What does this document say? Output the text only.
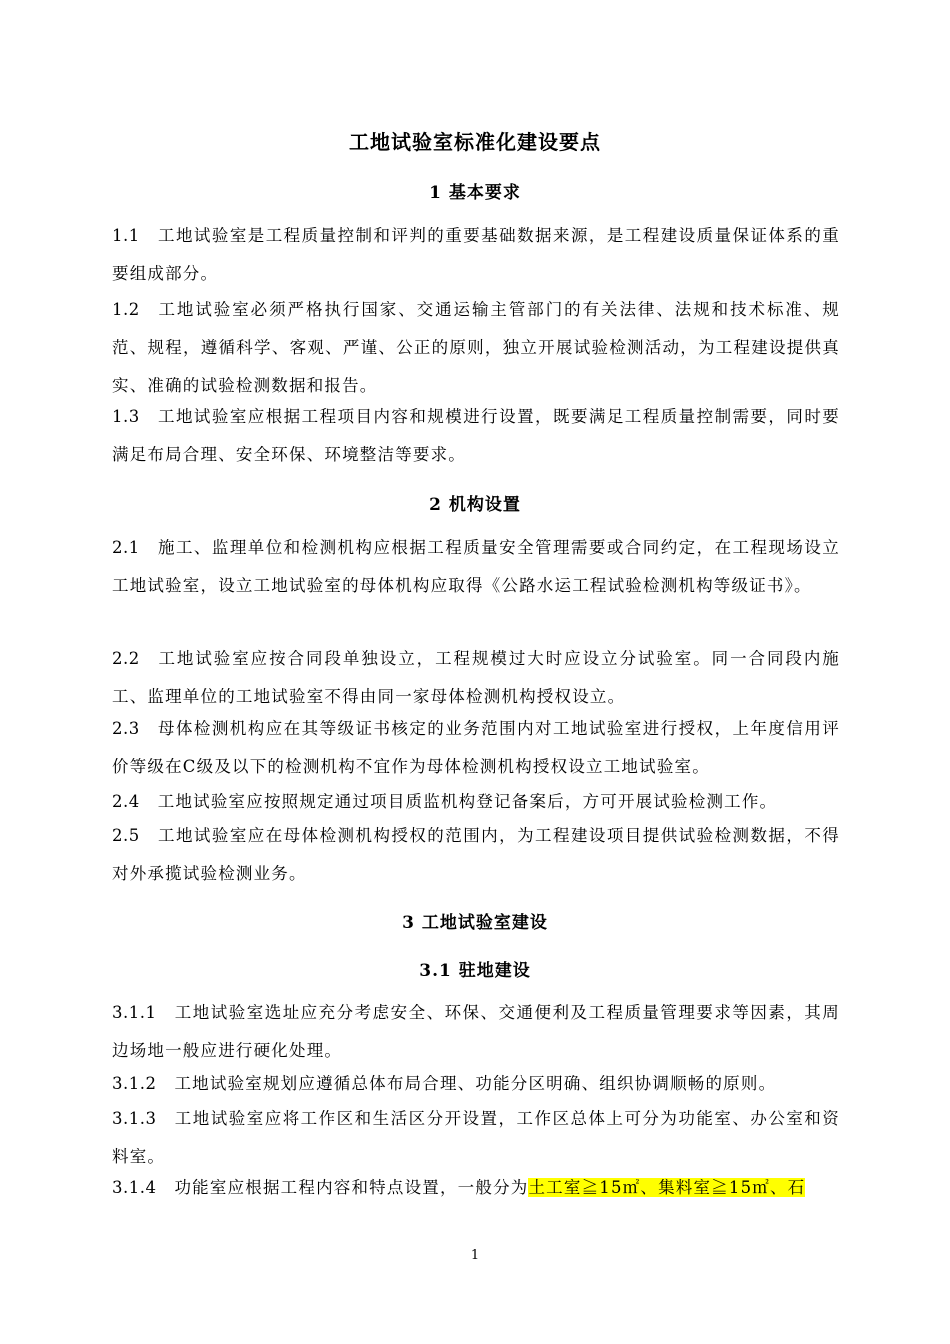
工地试验室标准化建设要点
1 基本要求

1.1 工地试验室是工程质量控制和评判的重要基础数据来源，是工程建设质量保证体系的重要组成部分。

1.2 工地试验室必须严格执行国家、交通运输主管部门的有关法律、法规和技术标准、规范、规程，遵循科学、客观、严谨、公正的原则，独立开展试验检测活动，为工程建设提供真实、准确的试验检测数据和报告。

1.3 工地试验室应根据工程项目内容和规模进行设置，既要满足工程质量控制需要，同时要满足布局合理、安全环保、环境整洁等要求。

2 机构设置

2.1 施工、监理单位和检测机构应根据工程质量安全管理需要或合同约定，在工程现场设立工地试验室，设立工地试验室的母体机构应取得《公路水运工程试验检测机构等级证书》。

2.2 工地试验室应按合同段单独设立，工程规模过大时应设立分试验室。同一合同段内施工、监理单位的工地试验室不得由同一家母体检测机构授权设立。

2.3 母体检测机构应在其等级证书核定的业务范围内对工地试验室进行授权，上年度信用评价等级在C级及以下的检测机构不宜作为母体检测机构授权设立工地试验室。

2.4 工地试验室应按照规定通过项目质监机构登记备案后，方可开展试验检测工作。

2.5 工地试验室应在母体检测机构授权的范围内，为工程建设项目提供试验检测数据，不得对外承揽试验检测业务。

3 工地试验室建设
3.1 驻地建设

3.1.1 工地试验室选址应充分考虑安全、环保、交通便利及工程质量管理要求等因素，其周边场地一般应进行硬化处理。

3.1.2 工地试验室规划应遵循总体布局合理、功能分区明确、组织协调顺畅的原则。

3.1.3 工地试验室应将工作区和生活区分开设置，工作区总体上可分为功能室、办公室和资料室。

3.1.4 功能室应根据工程内容和特点设置，一般分为土工室≧15㎡、集料室≧15㎡、石

1
